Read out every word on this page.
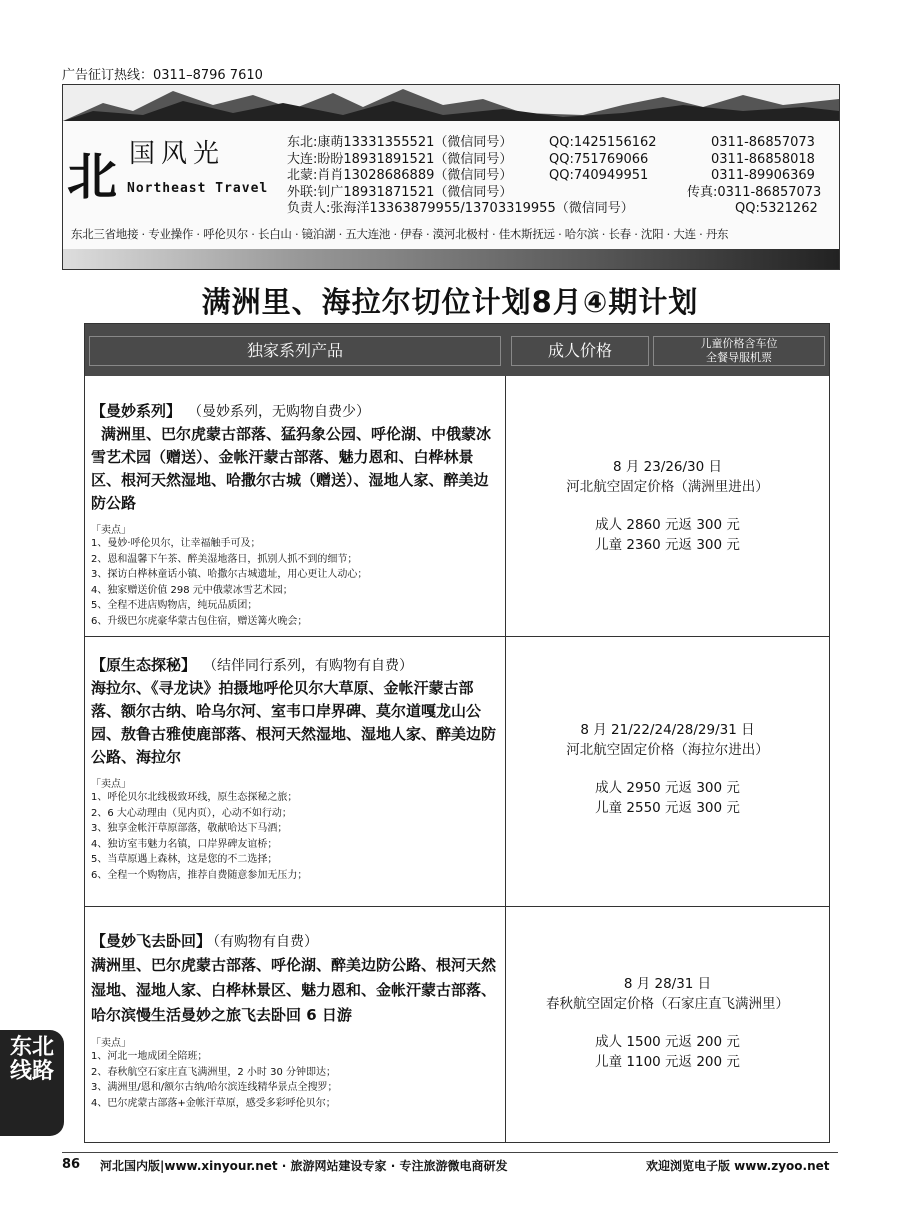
广告征订热线：0311–8796 7610
北 国风光
Northeast Travel
东北:康萌13331355521（微信同号）	QQ:1425156162	0311-86857073
大连:盼盼18931891521（微信同号）	QQ:751769066	0311-86858018
北蒙:肖肖13028686889（微信同号）	QQ:740949951	0311-89906369
外联:钊广18931871521（微信同号）	传真:0311-86857073
负责人:张海洋13363879955/13703319955（微信同号）	QQ:5321262
东北三省地接 · 专业操作 · 呼伦贝尔 · 长白山 · 镜泊湖 · 五大连池 · 伊春 · 漠河北极村 · 佳木斯抚远 · 哈尔滨 · 长春 · 沈阳 · 大连 · 丹东
满洲里、海拉尔切位计划8月④期计划
独家系列产品	成人价格	儿童价格含车位
全餐导服机票
【曼妙系列】 （曼妙系列，无购物自费少）
满洲里、巴尔虎蒙古部落、猛犸象公园、呼伦湖、中俄蒙冰雪艺术园（赠送）、金帐汗蒙古部落、魅力恩和、白桦林景区、根河天然湿地、哈撒尔古城（赠送）、湿地人家、醉美边防公路
「卖点」
1、曼妙·呼伦贝尔，让幸福触手可及；
2、恩和温馨下午茶、醉美湿地落日，抓别人抓不到的细节；
3、探访白桦林童话小镇、哈撒尔古城遗址，用心更让人动心；
4、独家赠送价值 298 元中俄蒙冰雪艺术园；
5、全程不进店购物店，纯玩品质团；
6、升级巴尔虎豪华蒙古包住宿，赠送篝火晚会；
8 月 23/26/30 日
河北航空固定价格（满洲里进出）
成人 2860 元返 300 元
儿童 2360 元返 300 元
【原生态探秘】 （结伴同行系列，有购物有自费）
海拉尔、《寻龙诀》拍摄地呼伦贝尔大草原、金帐汗蒙古部落、额尔古纳、哈乌尔河、室韦口岸界碑、莫尔道嘎龙山公园、敖鲁古雅使鹿部落、根河天然湿地、湿地人家、醉美边防公路、海拉尔
「卖点」
1、呼伦贝尔北线极致环线，原生态探秘之旅；
2、6 大心动理由（见内页），心动不如行动；
3、独享金帐汗草原部落，敬献哈达下马酒；
4、独访室韦魅力名镇，口岸界碑友谊桥；
5、当草原遇上森林，这是您的不二选择；
6、全程一个购物店，推荐自费随意参加无压力；
8 月 21/22/24/28/29/31 日
河北航空固定价格（海拉尔进出）
成人 2950 元返 300 元
儿童 2550 元返 300 元
【曼妙飞去卧回】 （有购物有自费）
满洲里、巴尔虎蒙古部落、呼伦湖、醉美边防公路、根河天然湿地、湿地人家、白桦林景区、魅力恩和、金帐汗蒙古部落、哈尔滨慢生活曼妙之旅飞去卧回 6 日游
「卖点」
1、河北一地成团全陪班；
2、春秋航空石家庄直飞满洲里，2 小时 30 分钟即达；
3、满洲里/恩和/额尔古纳/哈尔滨连线精华景点全搜罗；
4、巴尔虎蒙古部落+金帐汗草原，感受多彩呼伦贝尔；
8 月 28/31 日
春秋航空固定价格（石家庄直飞满洲里）
成人 1500 元返 200 元
儿童 1100 元返 200 元
东北
线路
86 河北国内版|www.xinyour.net · 旅游网站建设专家 · 专注旅游微电商研发	欢迎浏览电子版 www.zyoo.net
